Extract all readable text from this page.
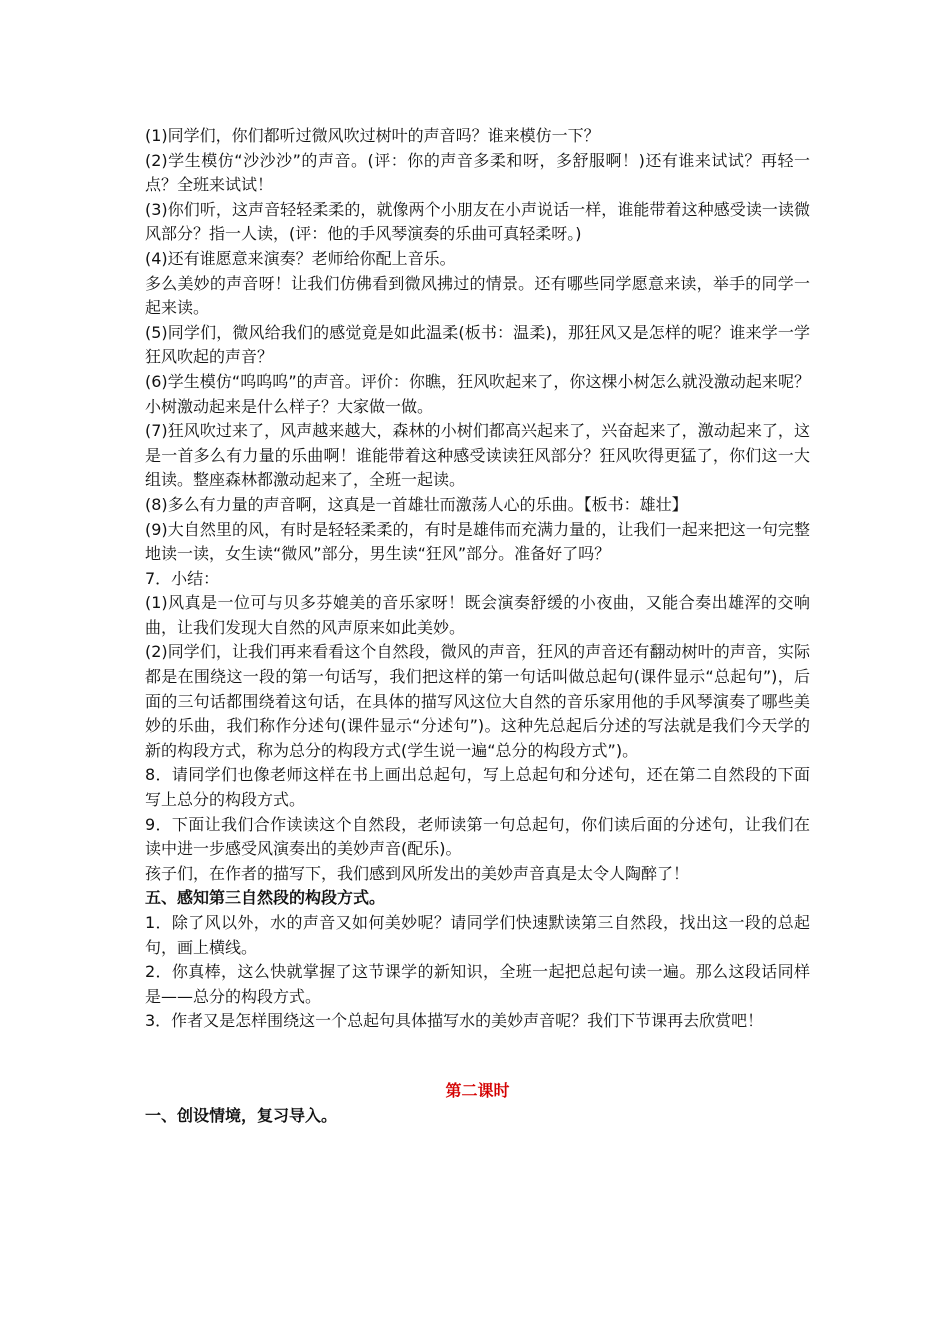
(1)同学们，你们都听过微风吹过树叶的声音吗？谁来模仿一下？

(2)学生模仿“沙沙沙”的声音。(评：你的声音多柔和呀，多舒服啊！)还有谁来试试？再轻一点？全班来试试！

(3)你们听，这声音轻轻柔柔的，就像两个小朋友在小声说话一样，谁能带着这种感受读一读微风部分？指一人读，(评：他的手风琴演奏的乐曲可真轻柔呀。)

(4)还有谁愿意来演奏？老师给你配上音乐。

多么美妙的声音呀！让我们仿佛看到微风拂过的情景。还有哪些同学愿意来读，举手的同学一起来读。

(5)同学们，微风给我们的感觉竟是如此温柔(板书：温柔)，那狂风又是怎样的呢？谁来学一学狂风吹起的声音？

(6)学生模仿“呜呜呜”的声音。评价：你瞧，狂风吹起来了，你这棵小树怎么就没激动起来呢？小树激动起来是什么样子？大家做一做。

(7)狂风吹过来了，风声越来越大，森林的小树们都高兴起来了，兴奋起来了，激动起来了，这是一首多么有力量的乐曲啊！谁能带着这种感受读读狂风部分？狂风吹得更猛了，你们这一大组读。整座森林都激动起来了，全班一起读。

(8)多么有力量的声音啊，这真是一首雄壮而激荡人心的乐曲。【板书：雄壮】

(9)大自然里的风，有时是轻轻柔柔的，有时是雄伟而充满力量的，让我们一起来把这一句完整地读一读，女生读“微风”部分，男生读“狂风”部分。准备好了吗？

7．小结：

(1)风真是一位可与贝多芬媲美的音乐家呀！既会演奏舒缓的小夜曲，又能合奏出雄浑的交响曲，让我们发现大自然的风声原来如此美妙。

(2)同学们，让我们再来看看这个自然段，微风的声音，狂风的声音还有翻动树叶的声音，实际都是在围绕这一段的第一句话写，我们把这样的第一句话叫做总起句(课件显示“总起句”)，后面的三句话都围绕着这句话，在具体的描写风这位大自然的音乐家用他的手风琴演奏了哪些美妙的乐曲，我们称作分述句(课件显示“分述句”)。这种先总起后分述的写法就是我们今天学的新的构段方式，称为总分的构段方式(学生说一遍“总分的构段方式”)。

8．请同学们也像老师这样在书上画出总起句，写上总起句和分述句，还在第二自然段的下面写上总分的构段方式。

9．下面让我们合作读读这个自然段，老师读第一句总起句，你们读后面的分述句，让我们在读中进一步感受风演奏出的美妙声音(配乐)。

孩子们，在作者的描写下，我们感到风所发出的美妙声音真是太令人陶醉了！

五、感知第三自然段的构段方式。

1．除了风以外，水的声音又如何美妙呢？请同学们快速默读第三自然段，找出这一段的总起句，画上横线。

2．你真棒，这么快就掌握了这节课学的新知识，全班一起把总起句读一遍。那么这段话同样是——总分的构段方式。

3．作者又是怎样围绕这一个总起句具体描写水的美妙声音呢？我们下节课再去欣赏吧！

第二课时

一、创设情境，复习导入。
